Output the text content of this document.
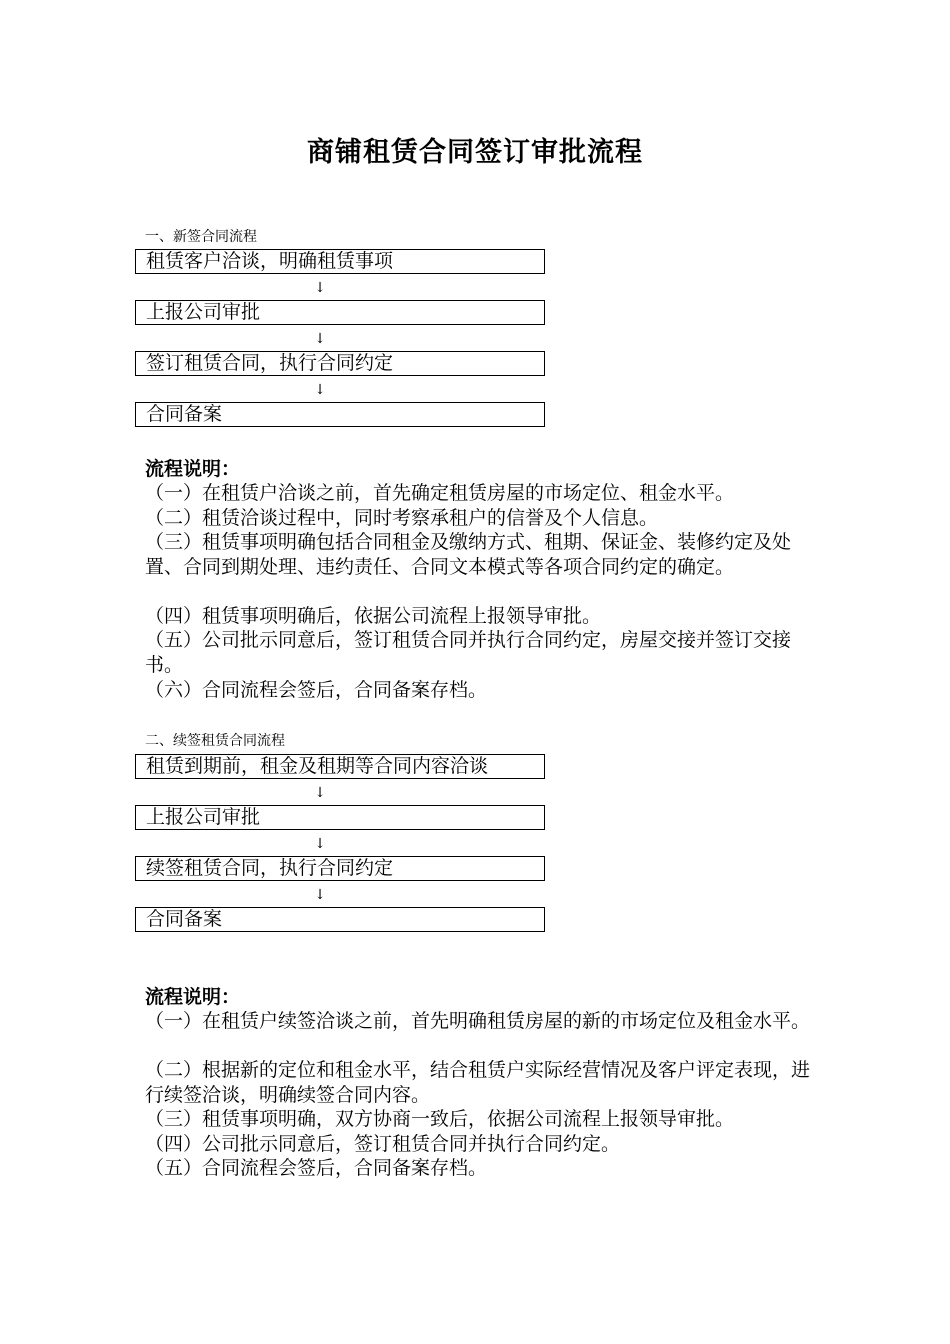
商铺租赁合同签订审批流程
一、新签合同流程
租赁客户洽谈，明确租赁事项
↓
上报公司审批
↓
签订租赁合同，执行合同约定
↓
合同备案
流程说明：
（一）在租赁户洽谈之前，首先确定租赁房屋的市场定位、租金水平。
（二）租赁洽谈过程中，同时考察承租户的信誉及个人信息。
（三）租赁事项明确包括合同租金及缴纳方式、租期、保证金、装修约定及处置、合同到期处理、违约责任、合同文本模式等各项合同约定的确定。
（四）租赁事项明确后，依据公司流程上报领导审批。
（五）公司批示同意后，签订租赁合同并执行合同约定，房屋交接并签订交接书。
（六）合同流程会签后，合同备案存档。
二、续签租赁合同流程
租赁到期前，租金及租期等合同内容洽谈
↓
上报公司审批
↓
续签租赁合同，执行合同约定
↓
合同备案
流程说明：
（一）在租赁户续签洽谈之前，首先明确租赁房屋的新的市场定位及租金水平。
（二）根据新的定位和租金水平，结合租赁户实际经营情况及客户评定表现，进行续签洽谈，明确续签合同内容。
（三）租赁事项明确，双方协商一致后，依据公司流程上报领导审批。
（四）公司批示同意后，签订租赁合同并执行合同约定。
（五）合同流程会签后，合同备案存档。
